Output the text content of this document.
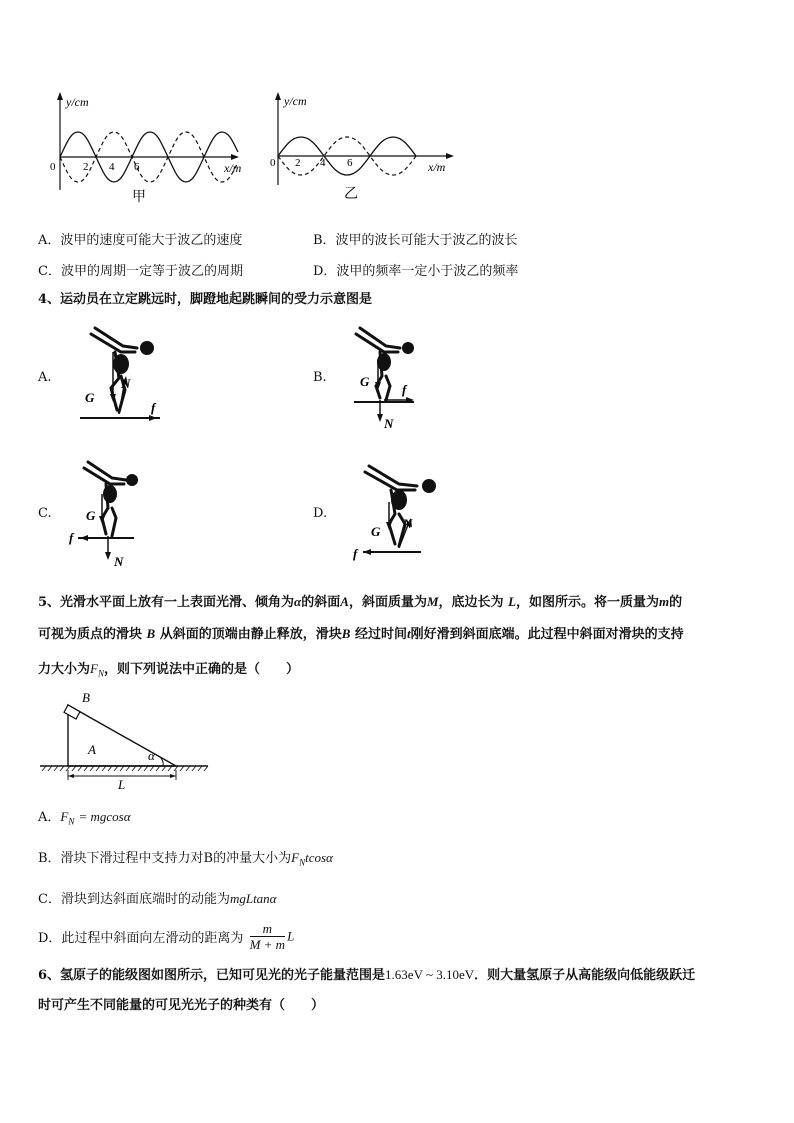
y/cm
x/m
0	2 4 6
甲
y/cm
x/m
0 2 4 6
乙
A．波甲的速度可能大于波乙的速度	B．波甲的波长可能大于波乙的波长
C．波甲的周期一定等于波乙的周期	D．波甲的频率一定小于波乙的频率
4、运动员在立定跳远时，脚蹬地起跳瞬间的受力示意图是
A.	B.
C.	D.
G
N
f
G
N
f
G
N
f	G
N
f
5、光滑水平面上放有一上表面光滑、倾角为α的斜面A，斜面质量为M，底边长为 L，如图所示。将一质量为m的
可视为质点的滑块 B 从斜面的顶端由静止释放，滑块B 经过时间t刚好滑到斜面底端。此过程中斜面对滑块的支持
力大小为$F_N$，则下列说法中正确的是（　　）
B
A	α
L
A．$F_N = mgcos\alpha$
B．滑块下滑过程中支持力对B的冲量大小为$F_Ntcos\alpha$
C．滑块到达斜面底端时的动能为mgLtanα
D．此过程中斜面向左滑动的距离为 $\frac{m}{M + m}$ L
6、氢原子的能级图如图所示，已知可见光的光子能量范围是1.63eV ~ 3.10eV．则大量氢原子从高能级向低能级跃迁
时可产生不同能量的可见光光子的种类有（　　）
